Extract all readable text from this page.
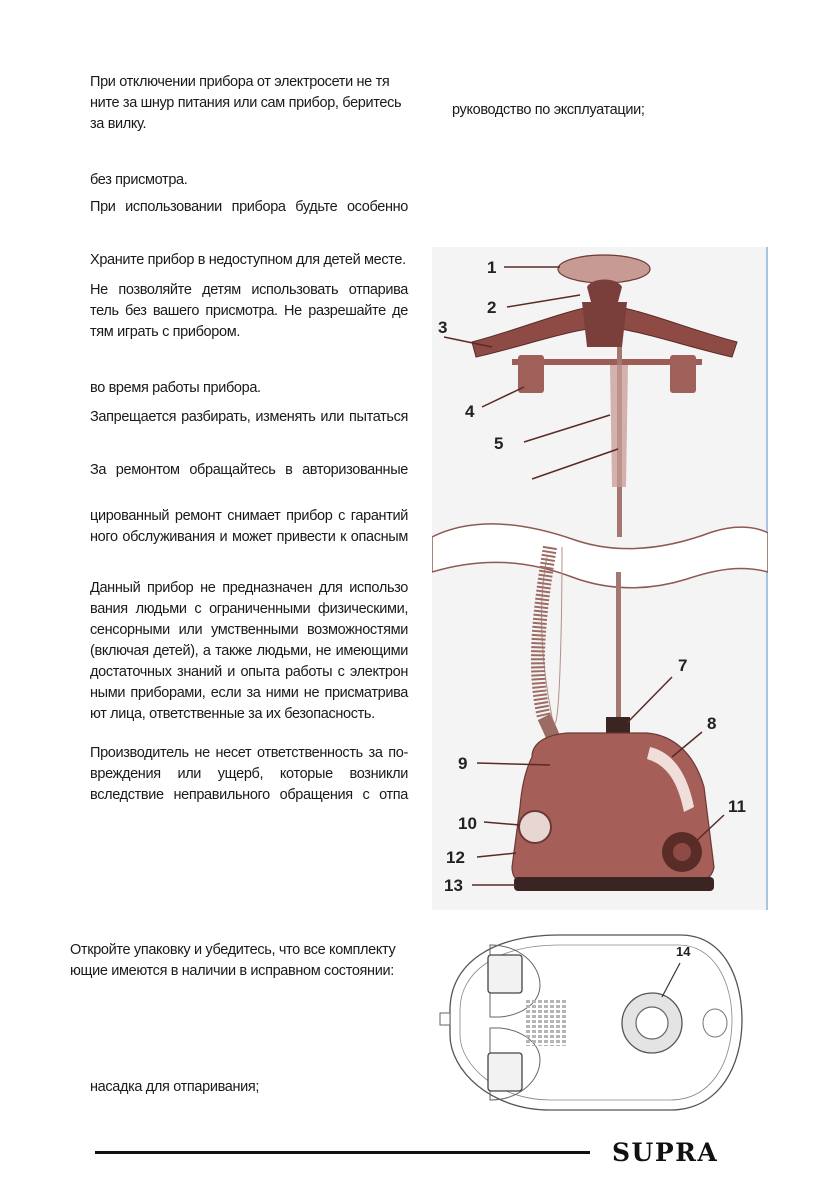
При отключении прибора от электросети не тя
ните за шнур питания или сам прибор, беритесь
за вилку.
без присмотра.
При использовании прибора будьте особенно
Храните прибор в недоступном для детей месте.
Не позволяйте детям использовать отпарива
тель без вашего присмотра. Не разрешайте де
тям играть с прибором.
во время работы прибора.
Запрещается разбирать, изменять или пытаться
За ремонтом обращайтесь в авторизованные
цированный ремонт снимает прибор с гарантий
ного обслуживания и может привести к опасным
Данный прибор не предназначен для использо
вания людьми с ограниченными физическими,
сенсорными или умственными возможностями
(включая детей), а также людьми, не имеющими
достаточных знаний и опыта работы с электрон
ными приборами, если за ними не присматрива
ют лица, ответственные за их безопасность.
Производитель не несет ответственность за по-
вреждения или ущерб, которые возникли
вследствие неправильного обращения с отпа
Откройте упаковку и убедитесь, что все комплекту
ющие имеются в наличии в исправном состоянии:
насадка для отпаривания;
руководство по эксплуатации;
1
2
3
4
5
7
8
9
10
11
12
13
14
SUPRA
